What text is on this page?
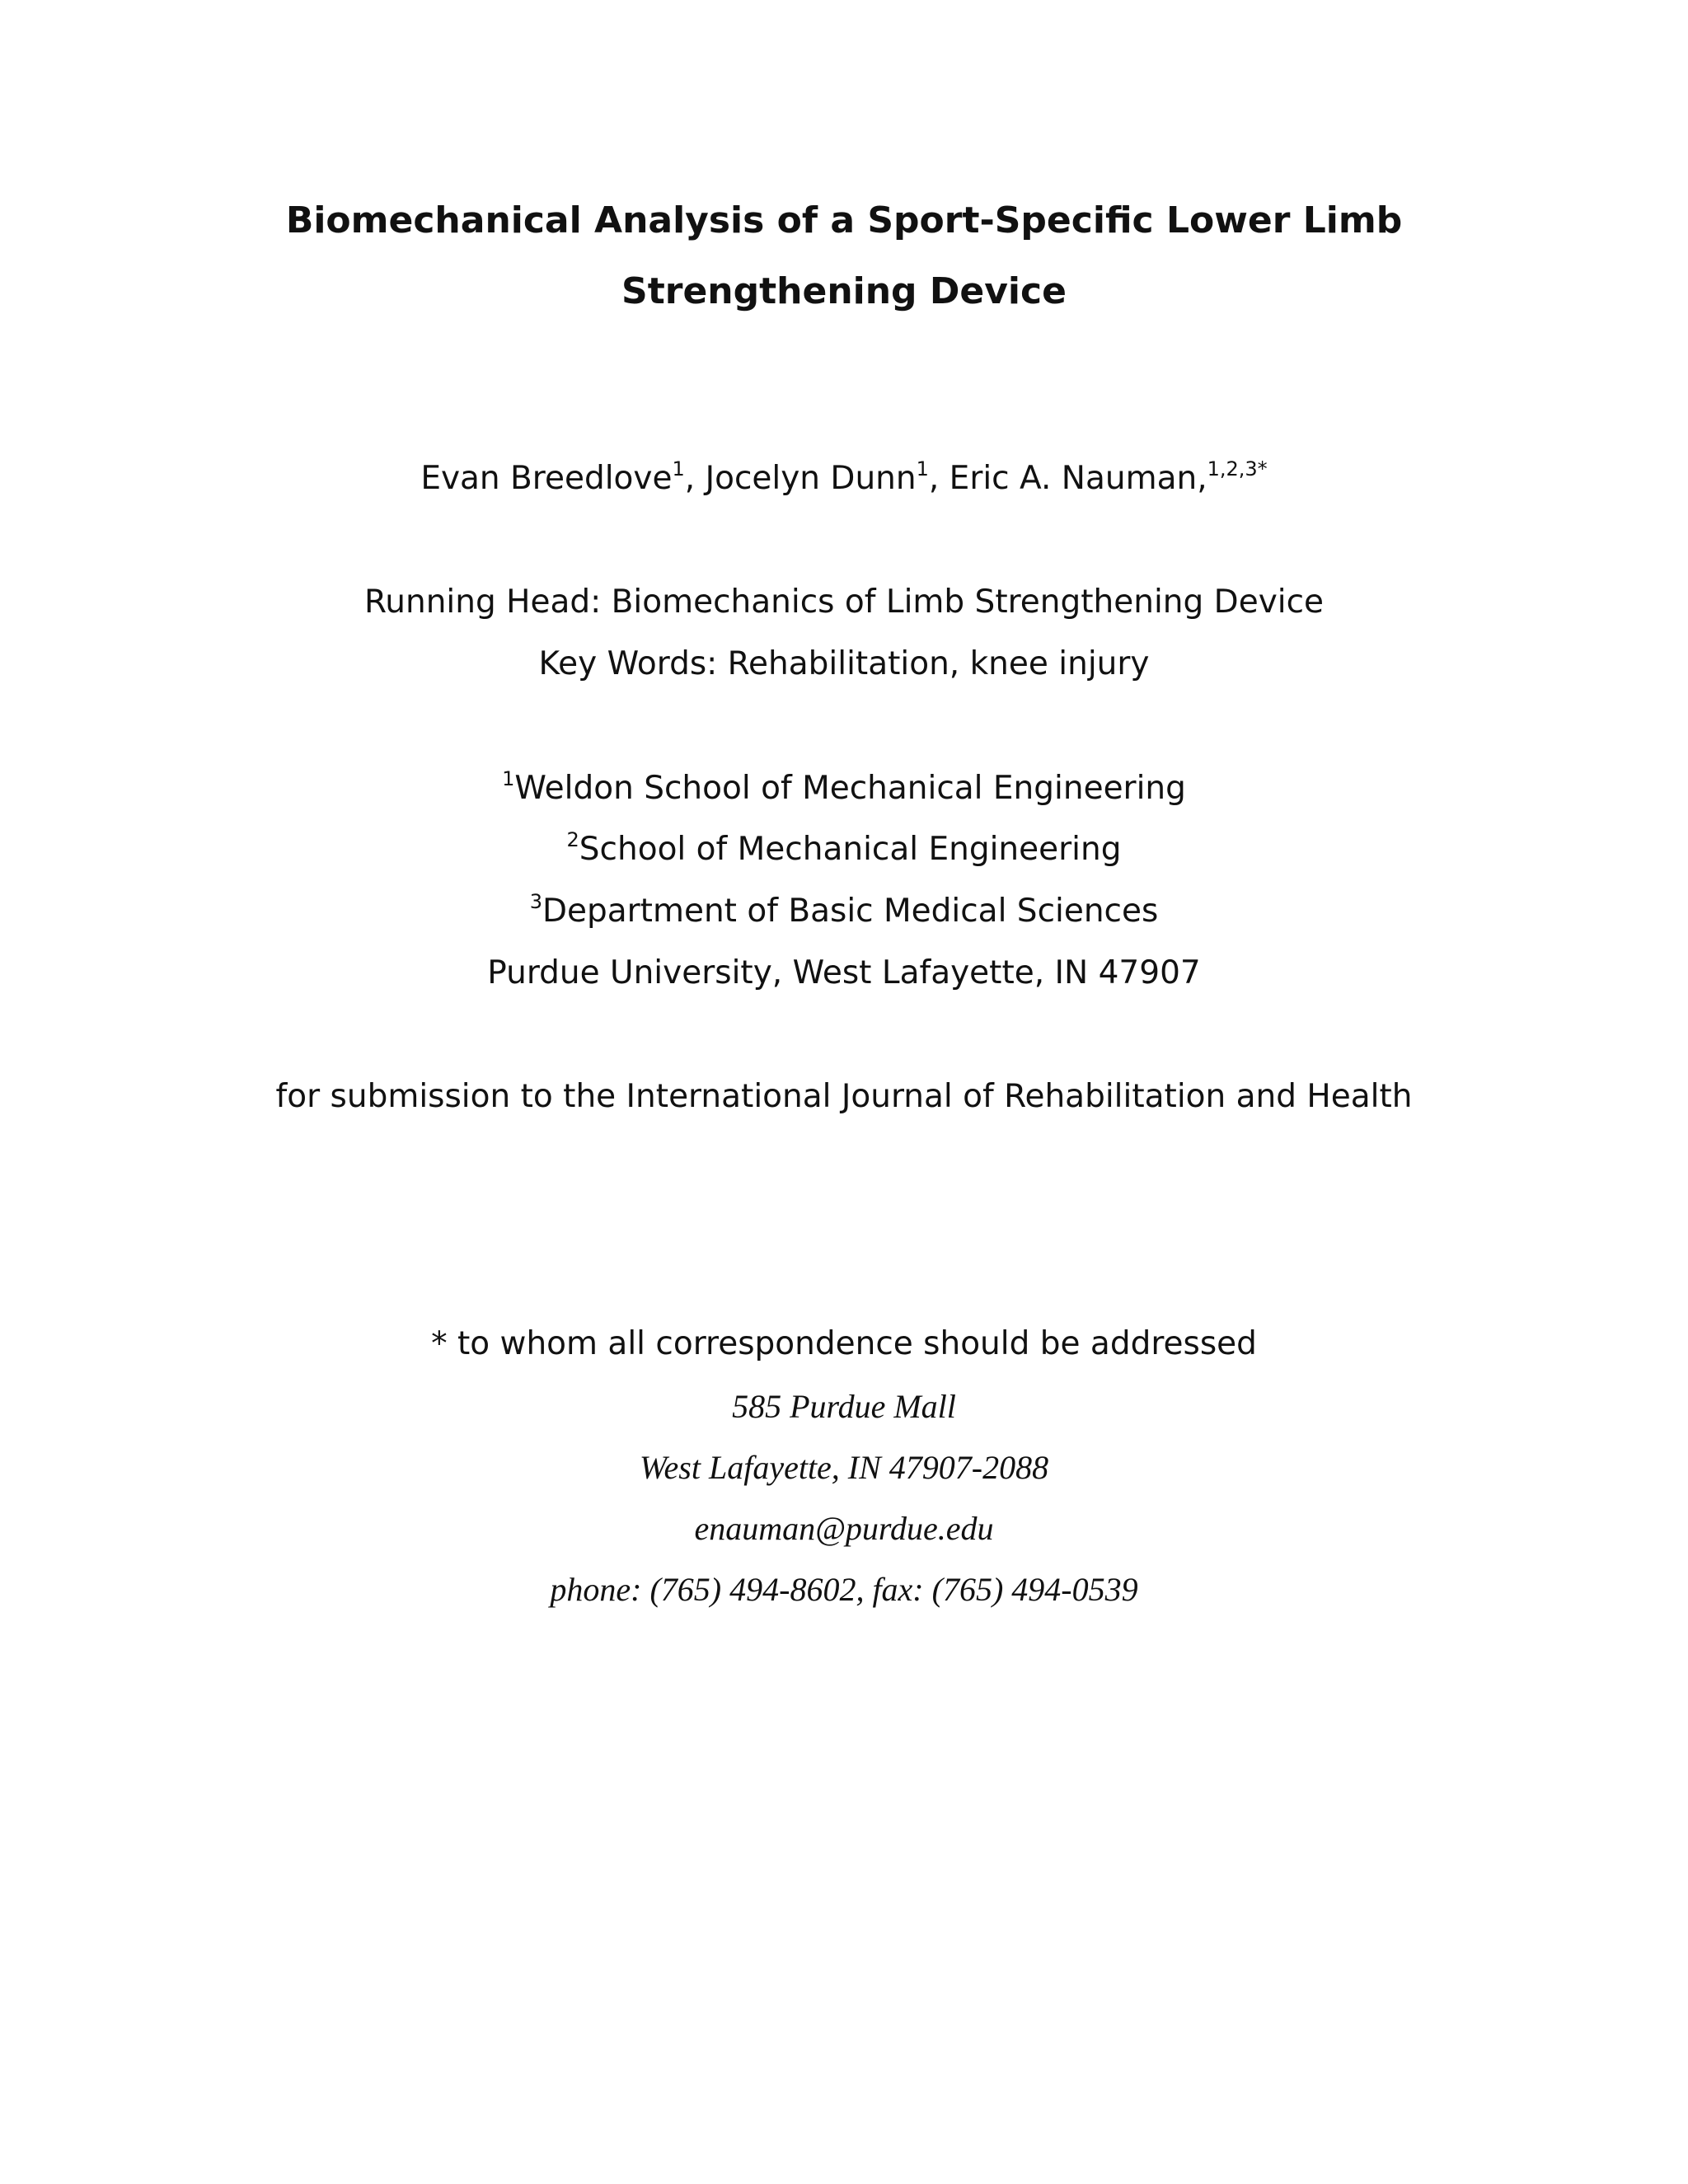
Biomechanical Analysis of a Sport-Specific Lower Limb
Strengthening Device
Evan Breedlove$^1$, Jocelyn Dunn$^1$, Eric A. Nauman,$^{1,2,3*}$
Running Head: Biomechanics of Limb Strengthening Device
Key Words: Rehabilitation, knee injury
$^1$Weldon School of Mechanical Engineering
$^2$School of Mechanical Engineering
$^3$Department of Basic Medical Sciences
Purdue University, West Lafayette, IN 47907
for submission to the International Journal of Rehabilitation and Health
* to whom all correspondence should be addressed
585 Purdue Mall
West Lafayette, IN 47907-2088
enauman@purdue.edu
phone: (765) 494-8602, fax: (765) 494-0539
